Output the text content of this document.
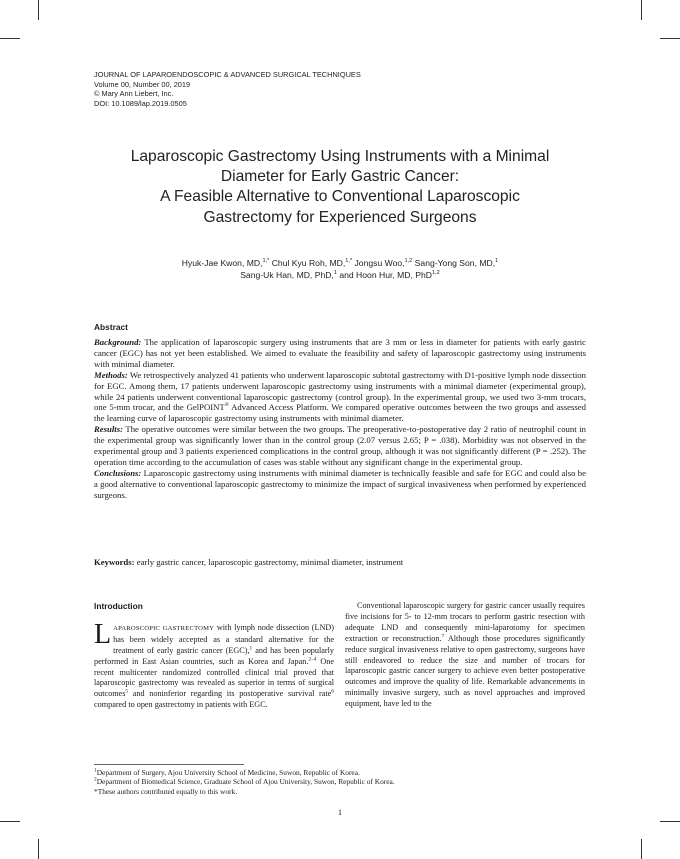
JOURNAL OF LAPAROENDOSCOPIC & ADVANCED SURGICAL TECHNIQUES
Volume 00, Number 00, 2019
© Mary Ann Liebert, Inc.
DOI: 10.1089/lap.2019.0505
Laparoscopic Gastrectomy Using Instruments with a Minimal
Diameter for Early Gastric Cancer:
A Feasible Alternative to Conventional Laparoscopic
Gastrectomy for Experienced Surgeons
Hyuk-Jae Kwon, MD,$^{1,*}$ Chul Kyu Roh, MD,$^{1,*}$ Jongsu Woo,$^{1,2}$ Sang-Yong Son, MD,$^1$
Sang-Uk Han, MD, PhD,$^1$ and Hoon Hur, MD, PhD$^{1,2}$
Abstract

Background: The application of laparoscopic surgery using instruments that are 3 mm or less in diameter for patients with early gastric cancer (EGC) has not yet been established. We aimed to evaluate the feasibility and safety of laparoscopic gastrectomy using instruments with minimal diameter.

Methods: We retrospectively analyzed 41 patients who underwent laparoscopic subtotal gastrectomy with D1-positive lymph node dissection for EGC. Among them, 17 patients underwent laparoscopic gastrectomy using instruments with a minimal diameter (experimental group), while 24 patients underwent conventional laparoscopic gastrectomy (control group). In the experimental group, we used two 3-mm trocars, one 5-mm trocar, and the GelPOINT® Advanced Access Platform. We compared operative outcomes between the two groups and assessed the learning curve of laparoscopic gastrectomy using instruments with minimal diameter.

Results: The operative outcomes were similar between the two groups. The preoperative-to-postoperative day 2 ratio of neutrophil count in the experimental group was significantly lower than in the control group (2.07 versus 2.65; P = .038). Morbidity was not observed in the experimental group and 3 patients experienced complications in the control group, although it was not significantly different (P = .252). The operation time according to the accumulation of cases was stable without any significant change in the experimental group.

Conclusions: Laparoscopic gastrectomy using instruments with minimal diameter is technically feasible and safe for EGC and could also be a good alternative to conventional laparoscopic gastrectomy to minimize the impact of surgical invasiveness when performed by experienced surgeons.

Keywords: early gastric cancer, laparoscopic gastrectomy, minimal diameter, instrument
Introduction
LAPAROSCOPIC GASTRECTOMY with lymph node dissection (LND) has been widely accepted as a standard alternative for the treatment of early gastric cancer (EGC),$^1$ and has been popularly performed in East Asian countries, such as Korea and Japan.$^{2-4}$ One recent multicenter randomized controlled clinical trial proved that laparoscopic gastrectomy was revealed as superior in terms of surgical outcomes$^5$ and noninferior regarding its postoperative survival rate$^6$ compared to open gastrectomy in patients with EGC.

Conventional laparoscopic surgery for gastric cancer usually requires five incisions for 5- to 12-mm trocars to perform gastric resection with adequate LND and consequently mini-laparotomy for specimen extraction or reconstruction.$^7$ Although those procedures significantly reduce surgical invasiveness relative to open gastrectomy, surgeons have still endeavored to reduce the size and number of trocars for laparoscopic gastric cancer surgery to achieve even better postoperative outcomes and improve the quality of life. Remarkable advancements in minimally invasive surgery, such as novel approaches and improved equipment, have led to the

$^1$Department of Surgery, Ajou University School of Medicine, Suwon, Republic of Korea.
$^2$Department of Biomedical Science, Graduate School of Ajou University, Suwon, Republic of Korea.
*These authors contributed equally to this work.
1
